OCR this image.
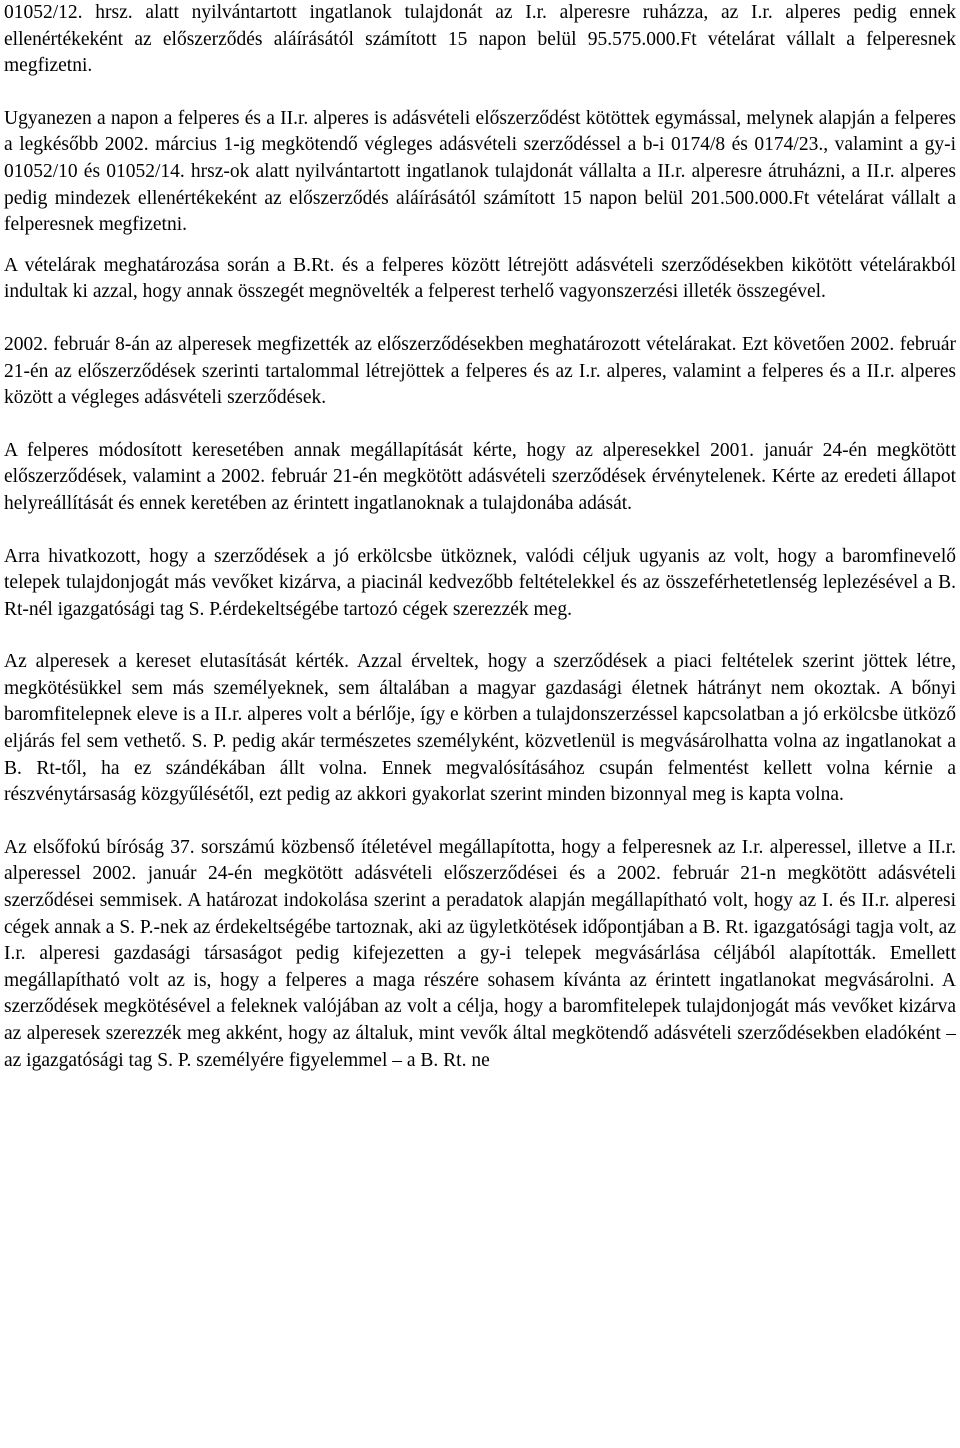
01052/12. hrsz. alatt nyilvántartott ingatlanok tulajdonát az I.r. alperesre ruházza, az I.r. alperes pedig ennek ellenértékeként az előszerződés aláírásától számított 15 napon belül 95.575.000.Ft vételárat vállalt a felperesnek megfizetni.

Ugyanezen a napon a felperes és a II.r. alperes is adásvételi előszerződést kötöttek egymással, melynek alapján a felperes a legkésőbb 2002. március 1-ig megkötendő végleges adásvételi szerződéssel a b-i 0174/8 és 0174/23., valamint a gy-i 01052/10 és 01052/14. hrsz-ok alatt nyilvántartott ingatlanok tulajdonát vállalta a II.r. alperesre átruházni, a II.r. alperes pedig mindezek ellenértékeként az előszerződés aláírásától számított 15 napon belül 201.500.000.Ft vételárat vállalt a felperesnek megfizetni.

A vételárak meghatározása során a B.Rt. és a felperes között létrejött adásvételi szerződésekben kikötött vételárakból indultak ki azzal, hogy annak összegét megnövelték a felperest terhelő vagyonszerzési illeték összegével.

2002. február 8-án az alperesek megfizették az előszerződésekben meghatározott vételárakat. Ezt követően 2002. február 21-én az előszerződések szerinti tartalommal létrejöttek a felperes és az I.r. alperes, valamint a felperes és a II.r. alperes között a végleges adásvételi szerződések.

A felperes módosított keresetében annak megállapítását kérte, hogy az alperesekkel 2001. január 24-én megkötött előszerződések, valamint a 2002. február 21-én megkötött adásvételi szerződések érvénytelenek. Kérte az eredeti állapot helyreállítását és ennek keretében az érintett ingatlanoknak a tulajdonába adását.

Arra hivatkozott, hogy a szerződések a jó erkölcsbe ütköznek, valódi céljuk ugyanis az volt, hogy a baromfinevelő telepek tulajdonjogát más vevőket kizárva, a piacinál kedvezőbb feltételekkel és az összeférhetetlenség leplezésével a B. Rt-nél igazgatósági tag S. P.érdekeltségébe tartozó cégek szerezzék meg.

Az alperesek a kereset elutasítását kérték. Azzal érveltek, hogy a szerződések a piaci feltételek szerint jöttek létre, megkötésükkel sem más személyeknek, sem általában a magyar gazdasági életnek hátrányt nem okoztak. A bőnyi baromfitelepnek eleve is a II.r. alperes volt a bérlője, így e körben a tulajdonszerzéssel kapcsolatban a jó erkölcsbe ütköző eljárás fel sem vethető. S. P. pedig akár természetes személyként, közvetlenül is megvásárolhatta volna az ingatlanokat a B. Rt-től, ha ez szándékában állt volna. Ennek megvalósításához csupán felmentést kellett volna kérnie a részvénytársaság közgyűlésétől, ezt pedig az akkori gyakorlat szerint minden bizonnyal meg is kapta volna.

Az elsőfokú bíróság 37. sorszámú közbenső ítéletével megállapította, hogy a felperesnek az I.r. alperessel, illetve a II.r. alperessel 2002. január 24-én megkötött adásvételi előszerződései és a 2002. február 21-n megkötött adásvételi szerződései semmisek. A határozat indokolása szerint a peradatok alapján megállapítható volt, hogy az I. és II.r. alperesi cégek annak a S. P.-nek az érdekeltségébe tartoznak, aki az ügyletkötések időpontjában a B. Rt. igazgatósági tagja volt, az I.r. alperesi gazdasági társaságot pedig kifejezetten a gy-i telepek megvásárlása céljából alapították. Emellett megállapítható volt az is, hogy a felperes a maga részére sohasem kívánta az érintett ingatlanokat megvásárolni. A szerződések megkötésével a feleknek valójában az volt a célja, hogy a baromfitelepek tulajdonjogát más vevőket kizárva az alperesek szerezzék meg akként, hogy az általuk, mint vevők által megkötendő adásvételi szerződésekben eladóként – az igazgatósági tag S. P. személyére figyelemmel – a B. Rt. ne
